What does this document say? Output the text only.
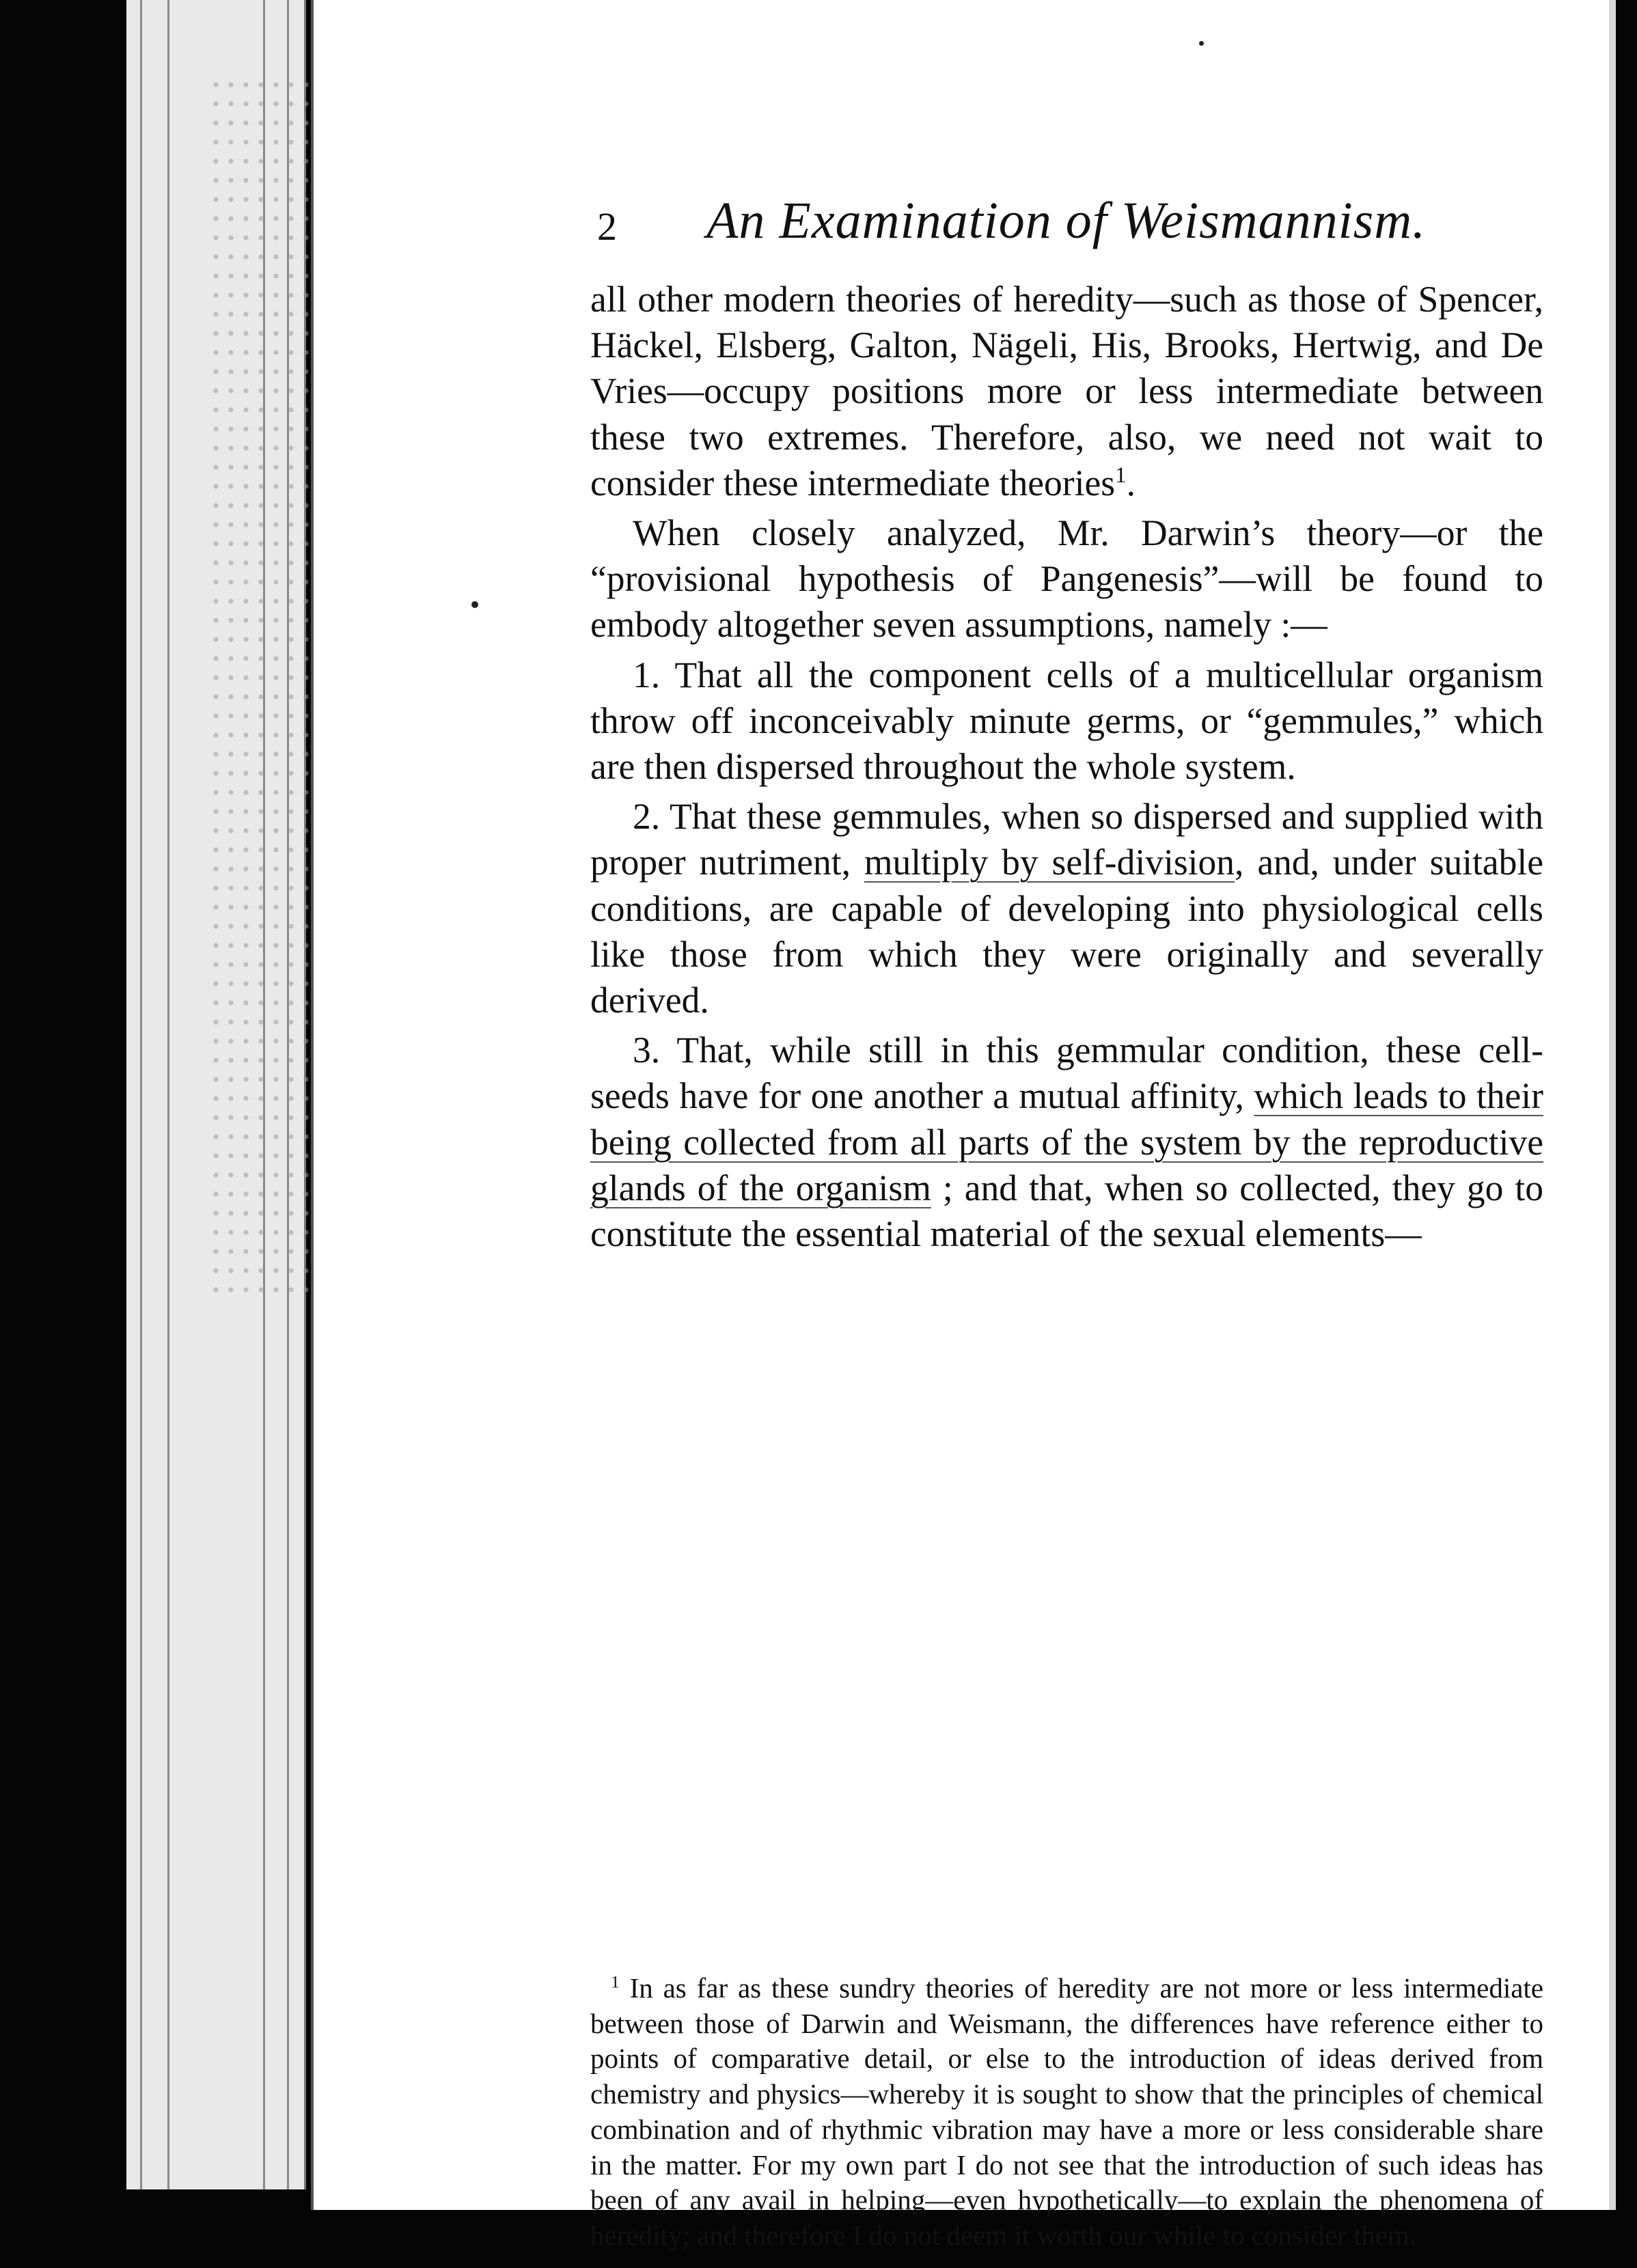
2 An Examination of Weismannism.

all other modern theories of heredity—such as those of Spencer, Häckel, Elsberg, Galton, Nägeli, His, Brooks, Hertwig, and De Vries—occupy positions more or less intermediate between these two extremes. Therefore, also, we need not wait to consider these intermediate theories$^1$.

When closely analyzed, Mr. Darwin’s theory—or the “provisional hypothesis of Pangenesis”—will be found to embody altogether seven assumptions, namely :—

1. That all the component cells of a multicellular organism throw off inconceivably minute germs, or “gemmules,” which are then dispersed throughout the whole system.

2. That these gemmules, when so dispersed and supplied with proper nutriment, multiply by self-division, and, under suitable conditions, are capable of developing into physiological cells like those from which they were originally and severally derived.

3. That, while still in this gemmular condition, these cell-seeds have for one another a mutual affinity, which leads to their being collected from all parts of the system by the reproductive glands of the organism ; and that, when so collected, they go to constitute the essential material of the sexual elements—

$^1$ In as far as these sundry theories of heredity are not more or less intermediate between those of Darwin and Weismann, the differences have reference either to points of comparative detail, or else to the introduction of ideas derived from chemistry and physics—whereby it is sought to show that the principles of chemical combination and of rhythmic vibration may have a more or less considerable share in the matter. For my own part I do not see that the introduction of such ideas has been of any avail in helping—even hypothetically—to explain the phenomena of heredity; and therefore I do not deem it worth our while to consider them.
